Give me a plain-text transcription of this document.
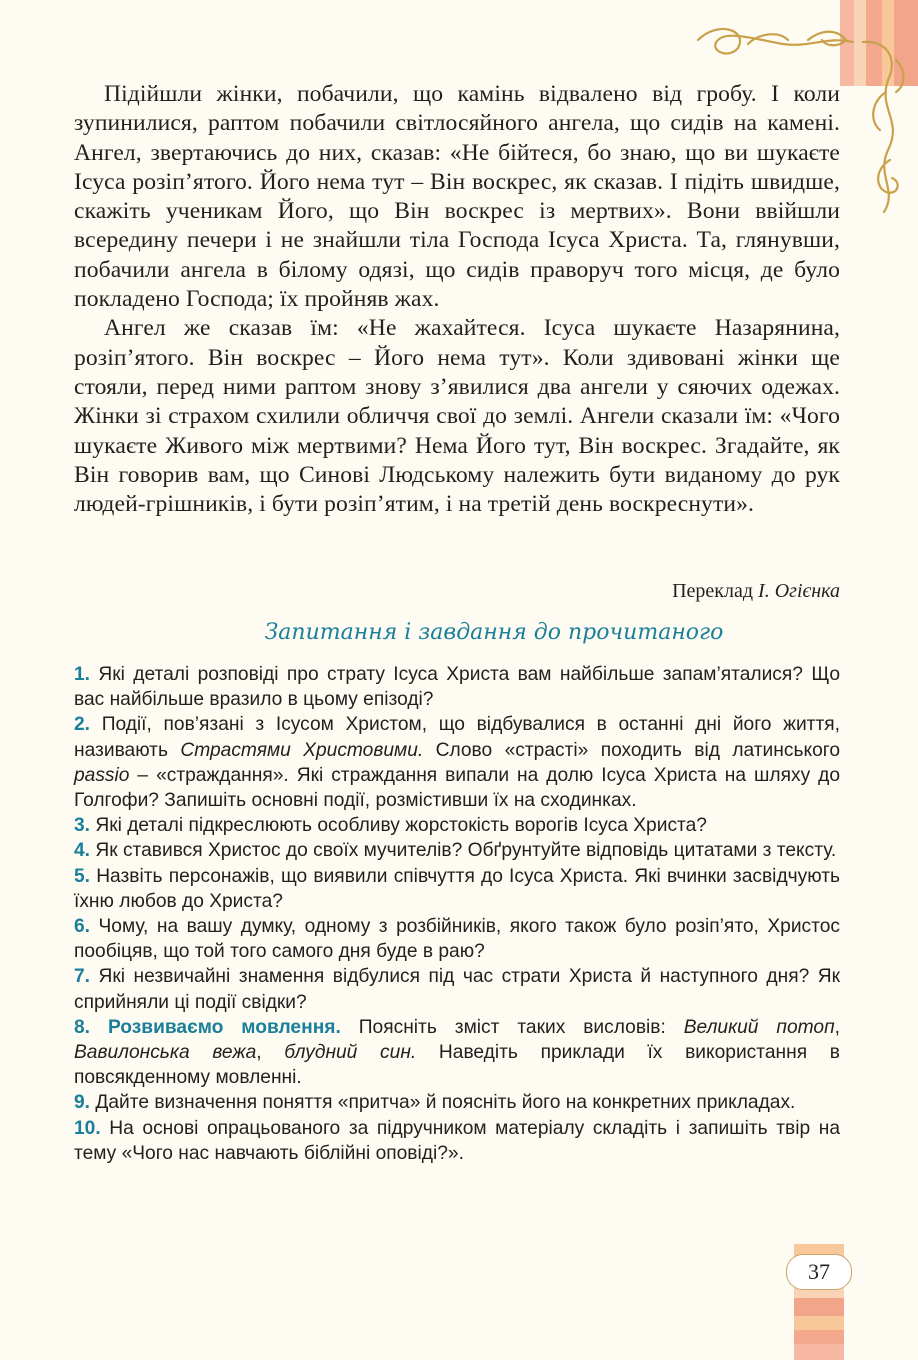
Підійшли жінки, побачили, що камінь відвалено від гробу. І коли зупинилися, раптом побачили світлосяйного ангела, що сидів на камені. Ангел, звертаючись до них, сказав: «Не бійтеся, бо знаю, що ви шукаєте Ісуса розіп’ятого. Його нема тут – Він воскрес, як сказав. І підіть швидше, скажіть ученикам Його, що Він воскрес із мертвих». Вони ввійшли всередину печери і не знайшли тіла Господа Ісуса Христа. Та, глянувши, побачили ангела в білому одязі, що сидів праворуч того місця, де було покладено Господа; їх пройняв жах.

Ангел же сказав їм: «Не жахайтеся. Ісуса шукаєте Назарянина, розіп’ятого. Він воскрес – Його нема тут». Коли здивовані жінки ще стояли, перед ними раптом знову з’явилися два ангели у сяючих одежах. Жінки зі страхом схилили обличчя свої до землі. Ангели сказали їм: «Чого шукаєте Живого між мертвими? Нема Його тут, Він воскрес. Згадайте, як Він говорив вам, що Синові Людському належить бути виданому до рук людей-грішників, і бути розіп’ятим, і на третій день воскреснути».

Переклад І. Огієнка
Запитання і завдання до прочитаного

1. Які деталі розповіді про страту Ісуса Христа вам найбільше запам’яталися? Що вас найбільше вразило в цьому епізоді?

2. Події, пов’язані з Ісусом Христом, що відбувалися в останні дні його життя, називають Страстями Христовими. Слово «страсті» походить від латинського passio – «страждання». Які страждання випали на долю Ісуса Христа на шляху до Голгофи? Запишіть основні події, розмістивши їх на сходинках.

3. Які деталі підкреслюють особливу жорстокість ворогів Ісуса Христа?

4. Як ставився Христос до своїх мучителів? Обґрунтуйте відповідь цитатами з тексту.

5. Назвіть персонажів, що виявили співчуття до Ісуса Христа. Які вчинки засвідчують їхню любов до Христа?

6. Чому, на вашу думку, одному з розбійників, якого також було розіп’ято, Христос пообіцяв, що той того самого дня буде в раю?

7. Які незвичайні знамення відбулися під час страти Христа й наступного дня? Як сприйняли ці події свідки?

8. Розвиваємо мовлення. Поясніть зміст таких висловів: Великий потоп, Вавилонська вежа, блудний син. Наведіть приклади їх використання в повсякденному мовленні.

9. Дайте визначення поняття «притча» й поясніть його на конкретних прикладах.

10. На основі опрацьованого за підручником матеріалу складіть і запишіть твір на тему «Чого нас навчають біблійні оповіді?».

37
